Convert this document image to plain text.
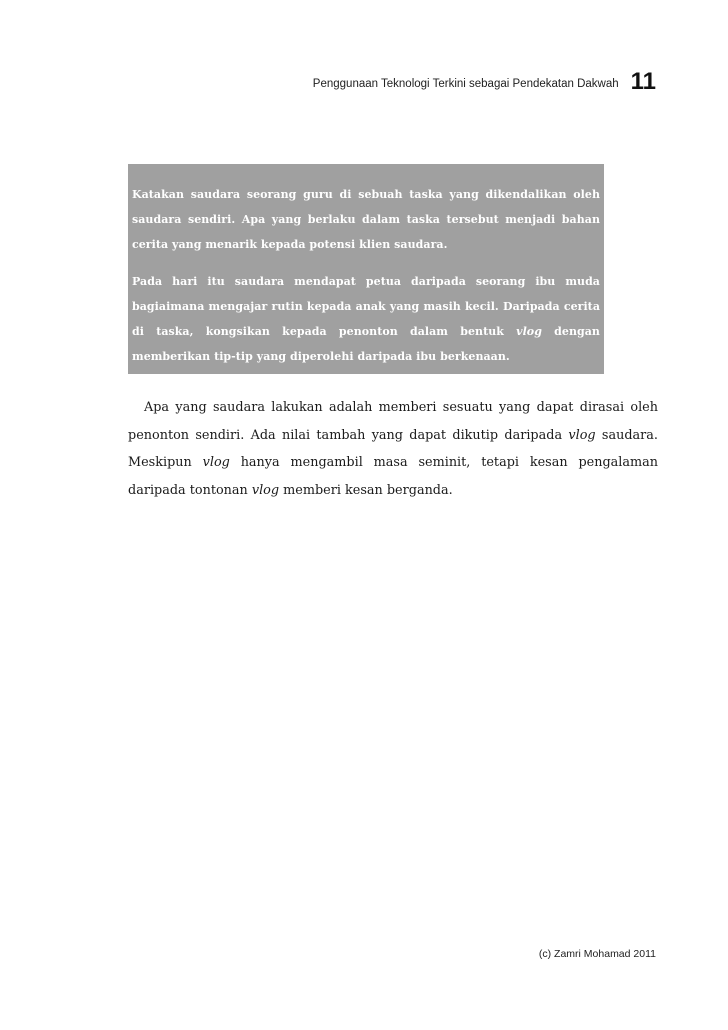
Penggunaan Teknologi Terkini sebagai Pendekatan Dakwah 11

Katakan saudara seorang guru di sebuah taska yang dikendalikan oleh saudara sendiri. Apa yang berlaku dalam taska tersebut menjadi bahan cerita yang menarik kepada potensi klien saudara.

Pada hari itu saudara mendapat petua daripada seorang ibu muda bagiaimana mengajar rutin kepada anak yang masih kecil. Daripada cerita di taska, kongsikan kepada penonton dalam bentuk vlog dengan memberikan tip-tip yang diperolehi daripada ibu berkenaan.

Apa yang saudara lakukan adalah memberi sesuatu yang dapat dirasai oleh penonton sendiri. Ada nilai tambah yang dapat dikutip daripada vlog saudara. Meskipun vlog hanya mengambil masa seminit, tetapi kesan pengalaman daripada tontonan vlog memberi kesan berganda.

(c) Zamri Mohamad 2011
